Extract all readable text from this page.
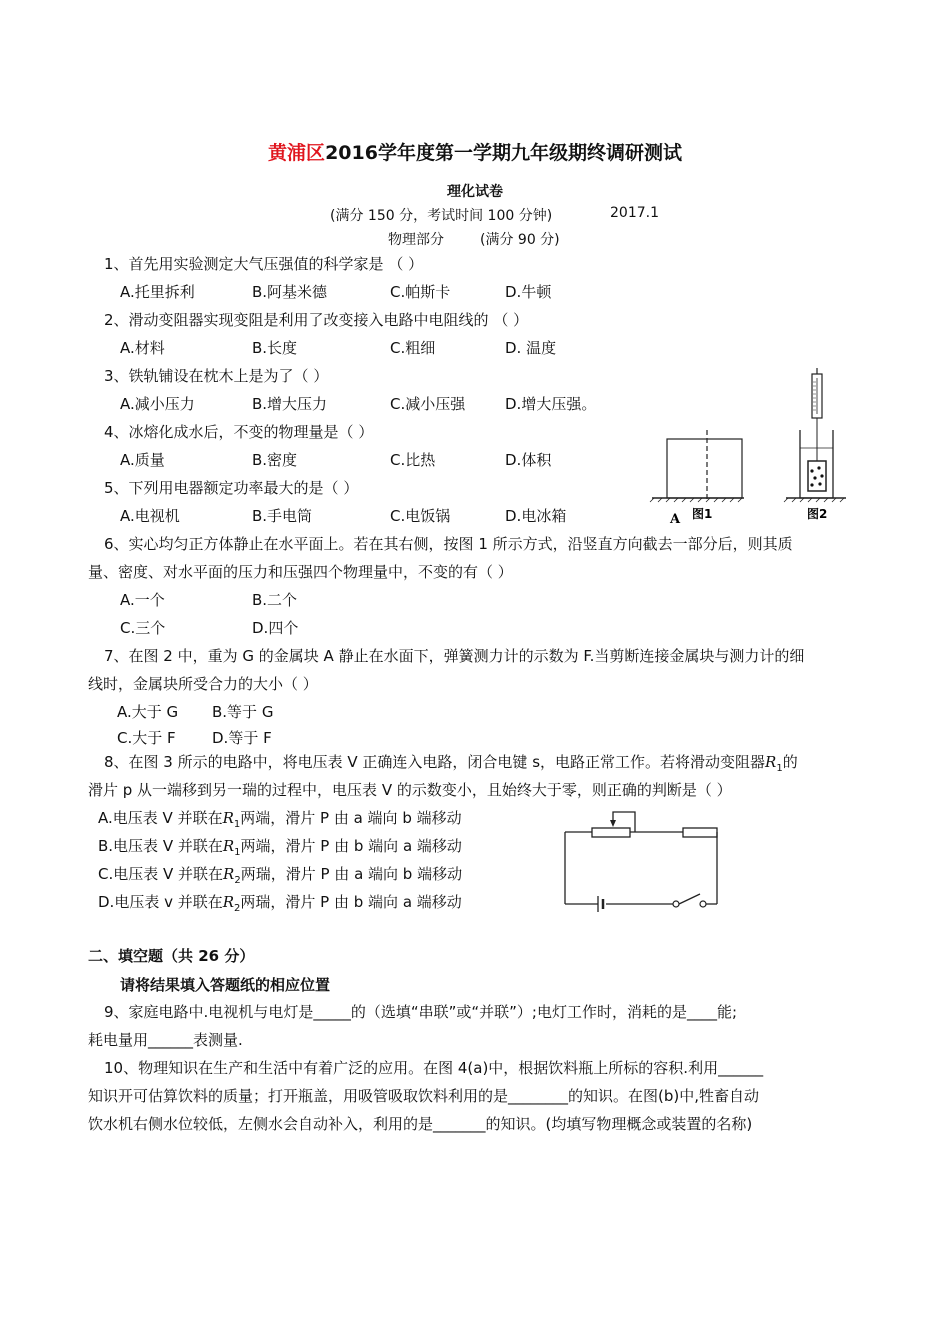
黄浦区2016学年度第一学期九年级期终调研测试
理化试卷
(满分 150 分，考试时间 100 分钟)	2017.1
物理部分	(满分 90 分)
1、首先用实验测定大气压强值的科学家是 （ ）
A.托里拆利	B.阿基米德	C.帕斯卡	D.牛顿
2、滑动变阻器实现变阻是利用了改变接入电路中电阻线的 （ ）
A.材料	B.长度	C.粗细	D. 温度
3、铁轨铺设在枕木上是为了（ ）
A.减小压力	B.增大压力	C.减小压强	D.增大压强。
4、冰熔化成水后，不变的物理量是（ ）
A.质量	B.密度	C.比热	D.体积
5、下列用电器额定功率最大的是（ ）
A.电视机	B.手电筒	C.电饭锅	D.电冰箱	A 图1	图2
6、实心均匀正方体静止在水平面上。若在其右侧，按图 1 所示方式，沿竖直方向截去一部分后，则其质
量、密度、对水平面的压力和压强四个物理量中，不变的有（ ）
A.一个	B.二个
C.三个	D.四个
7、在图 2 中，重为 G 的金属块 A 静止在水面下，弹簧测力计的示数为 F.当剪断连接金属块与测力计的细
线时，金属块所受合力的大小（ ）
A.大于 G B.等于 G
C.大于 F D.等于 F
8、在图 3 所示的电路中，将电压表 V 正确连入电路，闭合电键 s，电路正常工作。若将滑动变阻器$R_1$的
滑片 p 从一端移到另一瑞的过程中，电压表 V 的示数变小，且始终大于零，则正确的判断是（ ）
A.电压表 V 并联在$R_1$两端，滑片 P 由 a 端向 b 端移动
B.电压表 V 并联在$R_1$两端，滑片 P 由 b 端向 a 端移动
C.电压表 V 并联在$R_2$两瑞，滑片 P 由 a 端向 b 端移动
D.电压表 v 并联在$R_2$两瑞，滑片 P 由 b 端向 a 端移动
二、填空题（共 26 分）
请将结果填入答题纸的相应位置
9、家庭电路中.电视机与电灯是_____的（选填“串联”或“并联”）;电灯工作时，消耗的是____能;
耗电量用______表测量.
10、物理知识在生产和生活中有着广泛的应用。在图 4(a)中，根据饮料瓶上所标的容积.利用______
知识开可估算饮料的质量；打开瓶盖，用吸管吸取饮料利用的是________的知识。在图(b)中,牲畜自动
饮水机右侧水位较低，左侧水会自动补入，利用的是_______的知识。(均填写物理概念或装置的名称)
